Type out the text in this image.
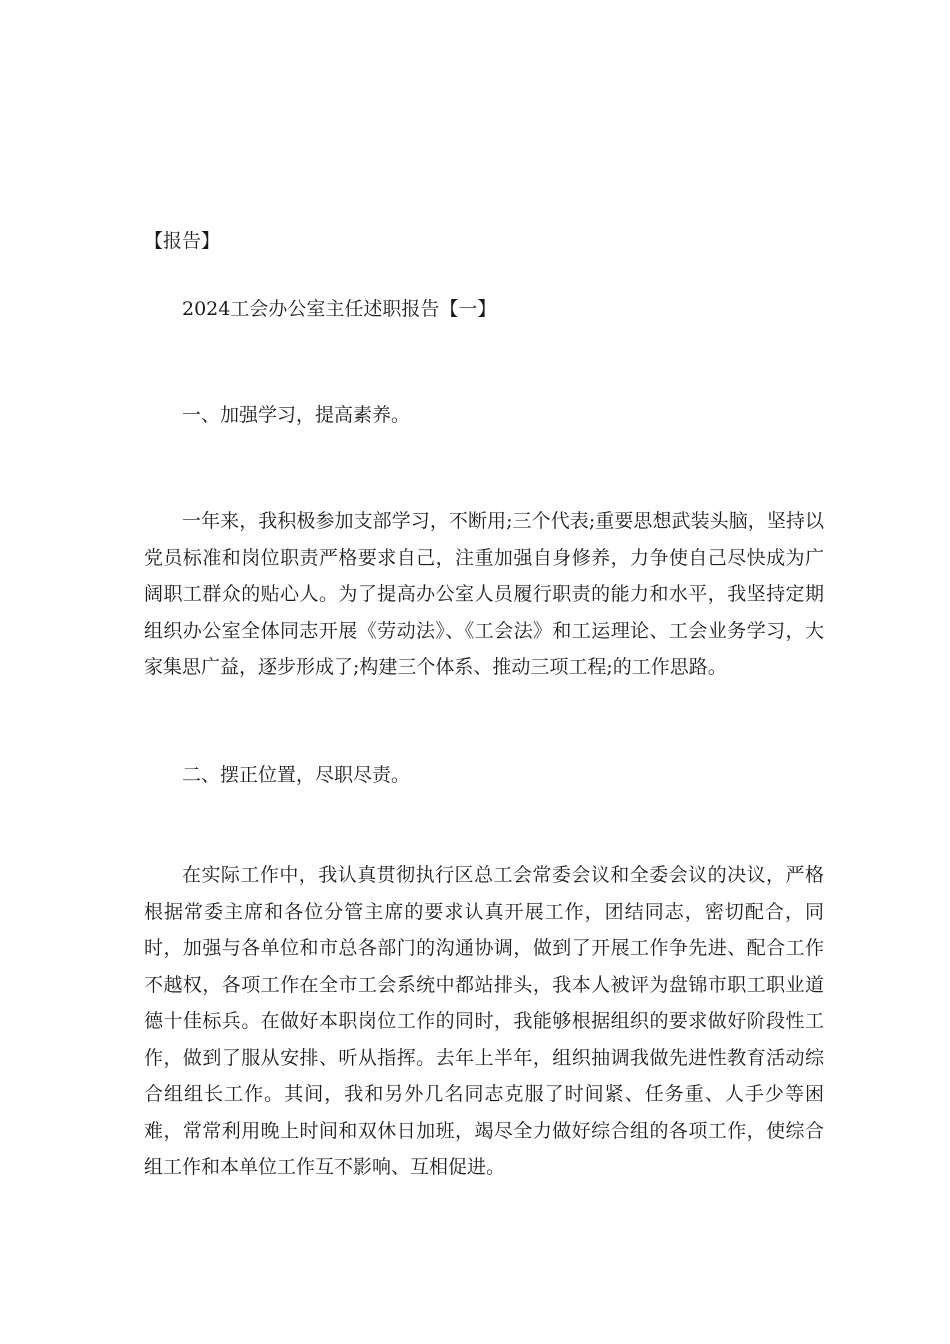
【报告】

2024工会办公室主任述职报告【一】

一、加强学习，提高素养。

一年来，我积极参加支部学习，不断用;三个代表;重要思想武装头脑，坚持以党员标准和岗位职责严格要求自己，注重加强自身修养，力争使自己尽快成为广阔职工群众的贴心人。为了提高办公室人员履行职责的能力和水平，我坚持定期组织办公室全体同志开展《劳动法》、《工会法》和工运理论、工会业务学习，大家集思广益，逐步形成了;构建三个体系、推动三项工程;的工作思路。

二、摆正位置，尽职尽责。

在实际工作中，我认真贯彻执行区总工会常委会议和全委会议的决议，严格根据常委主席和各位分管主席的要求认真开展工作，团结同志，密切配合，同时，加强与各单位和市总各部门的沟通协调，做到了开展工作争先进、配合工作不越权，各项工作在全市工会系统中都站排头，我本人被评为盘锦市职工职业道德十佳标兵。在做好本职岗位工作的同时，我能够根据组织的要求做好阶段性工作，做到了服从安排、听从指挥。去年上半年，组织抽调我做先进性教育活动综合组组长工作。其间，我和另外几名同志克服了时间紧、任务重、人手少等困难，常常利用晚上时间和双休日加班，竭尽全力做好综合组的各项工作，使综合组工作和本单位工作互不影响、互相促进。
